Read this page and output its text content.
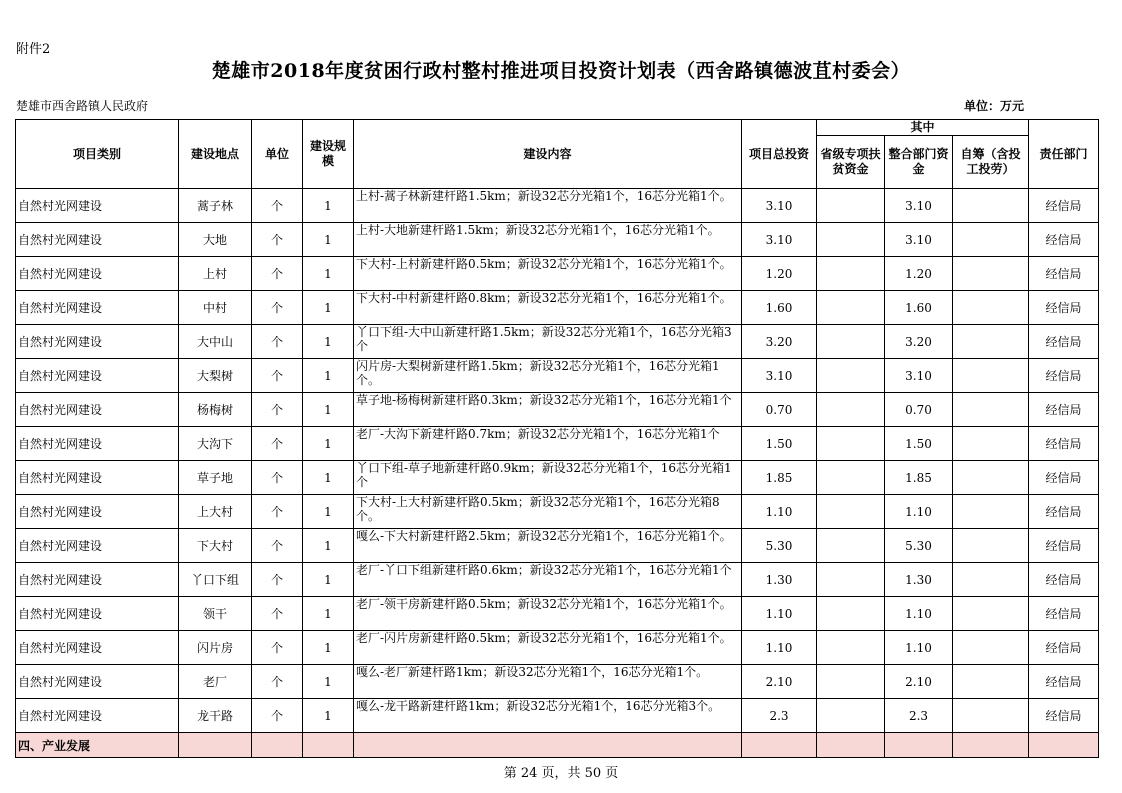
附件2
楚雄市2018年度贫困行政村整村推进项目投资计划表（西舍路镇德波苴村委会）
楚雄市西舍路镇人民政府	单位：万元
项目类别	建设地点	单位	建设规模	建设内容	项目总投资	其中			责任部门
						省级专项扶贫资金	整合部门资金	自筹（含投工投劳）	
自然村光网建设	蒿子林	个	1	上村-蒿子林新建杆路1.5km；新设32芯分光箱1个，16芯分光箱1个。	3.10		3.10		经信局
自然村光网建设	大地	个	1	上村-大地新建杆路1.5km；新设32芯分光箱1个，16芯分光箱1个。	3.10		3.10		经信局
自然村光网建设	上村	个	1	下大村-上村新建杆路0.5km；新设32芯分光箱1个，16芯分光箱1个。	1.20		1.20		经信局
自然村光网建设	中村	个	1	下大村-中村新建杆路0.8km；新设32芯分光箱1个，16芯分光箱1个。	1.60		1.60		经信局
自然村光网建设	大中山	个	1	丫口下组-大中山新建杆路1.5km；新设32芯分光箱1个，16芯分光箱3个	3.20		3.20		经信局
自然村光网建设	大梨树	个	1	闪片房-大梨树新建杆路1.5km；新设32芯分光箱1个，16芯分光箱1个。	3.10		3.10		经信局
自然村光网建设	杨梅树	个	1	草子地-杨梅树新建杆路0.3km；新设32芯分光箱1个，16芯分光箱1个	0.70		0.70		经信局
自然村光网建设	大沟下	个	1	老厂-大沟下新建杆路0.7km；新设32芯分光箱1个，16芯分光箱1个	1.50		1.50		经信局
自然村光网建设	草子地	个	1	丫口下组-草子地新建杆路0.9km；新设32芯分光箱1个，16芯分光箱1个	1.85		1.85		经信局
自然村光网建设	上大村	个	1	下大村-上大村新建杆路0.5km；新设32芯分光箱1个，16芯分光箱8个。	1.10		1.10		经信局
自然村光网建设	下大村	个	1	嘎么-下大村新建杆路2.5km；新设32芯分光箱1个，16芯分光箱1个。	5.30		5.30		经信局
自然村光网建设	丫口下组	个	1	老厂-丫口下组新建杆路0.6km；新设32芯分光箱1个，16芯分光箱1个	1.30		1.30		经信局
自然村光网建设	领干	个	1	老厂-领干房新建杆路0.5km；新设32芯分光箱1个，16芯分光箱1个。	1.10		1.10		经信局
自然村光网建设	闪片房	个	1	老厂-闪片房新建杆路0.5km；新设32芯分光箱1个，16芯分光箱1个。	1.10		1.10		经信局
自然村光网建设	老厂	个	1	嘎么-老厂新建杆路1km；新设32芯分光箱1个，16芯分光箱1个。	2.10		2.10		经信局
自然村光网建设	龙干路	个	1	嘎么-龙干路新建杆路1km；新设32芯分光箱1个，16芯分光箱3个。	2.3		2.3		经信局
四、产业发展									
第 24 页，共 50 页
